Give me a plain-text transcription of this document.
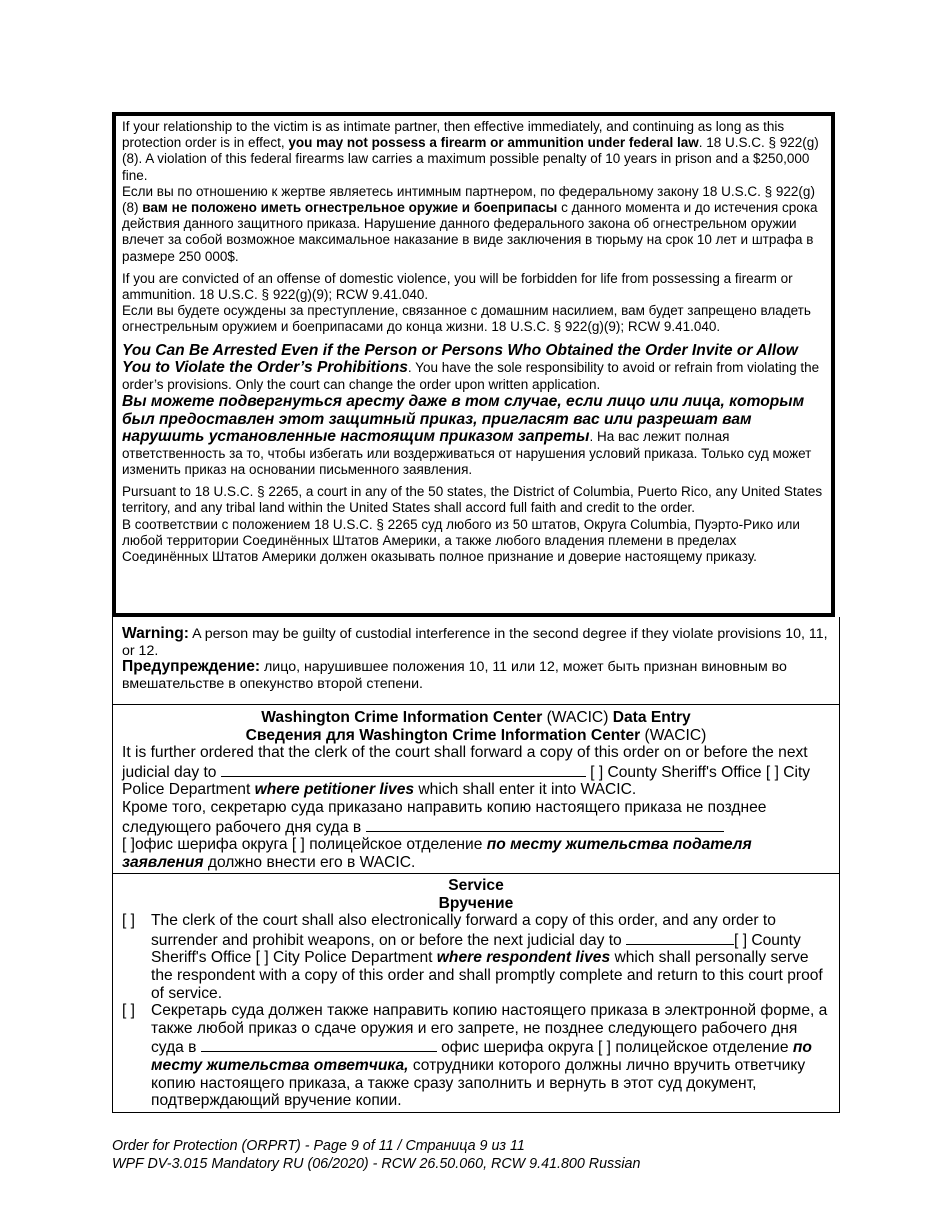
If your relationship to the victim is as intimate partner, then effective immediately, and continuing as long as this protection order is in effect, you may not possess a firearm or ammunition under federal law. 18 U.S.C. § 922(g)(8). A violation of this federal firearms law carries a maximum possible penalty of 10 years in prison and a $250,000 fine.

Если вы по отношению к жертве являетесь интимным партнером, по федеральному закону 18 U.S.C. § 922(g)(8) вам не положено иметь огнестрельное оружие и боеприпасы с данного момента и до истечения срока действия данного защитного приказа. Нарушение данного федерального закона об огнестрельном оружии влечет за собой возможное максимальное наказание в виде заключения в тюрьму на срок 10 лет и штрафа в размере 250 000$.

If you are convicted of an offense of domestic violence, you will be forbidden for life from possessing a firearm or ammunition. 18 U.S.C. § 922(g)(9); RCW 9.41.040.

Если вы будете осуждены за преступление, связанное с домашним насилием, вам будет запрещено владеть огнестрельным оружием и боеприпасами до конца жизни. 18 U.S.C. § 922(g)(9); RCW 9.41.040.

You Can Be Arrested Even if the Person or Persons Who Obtained the Order Invite or Allow You to Violate the Order’s Prohibitions. You have the sole responsibility to avoid or refrain from violating the order’s provisions. Only the court can change the order upon written application.

Вы можете подвергнуться аресту даже в том случае, если лицо или лица, которым был предоставлен этот защитный приказ, пригласят вас или разрешат вам нарушить установленные настоящим приказом запреты. На вас лежит полная ответственность за то, чтобы избегать или воздерживаться от нарушения условий приказа. Только суд может изменить приказ на основании письменного заявления.

Pursuant to 18 U.S.C. § 2265, a court in any of the 50 states, the District of Columbia, Puerto Rico, any United States territory, and any tribal land within the United States shall accord full faith and credit to the order.

В соответствии с положением 18 U.S.C. § 2265 суд любого из 50 штатов, Округа Columbia, Пуэрто-Рико или любой территории Соединённых Штатов Америки, а также любого владения племени в пределах Соединённых Штатов Америки должен оказывать полное признание и доверие настоящему приказу.

Warning: A person may be guilty of custodial interference in the second degree if they violate provisions 10, 11, or 12.

Предупреждение: лицо, нарушившее положения 10, 11 или 12, может быть признан виновным во вмешательстве в опекунство второй степени.

Washington Crime Information Center (WACIC) Data Entry

Сведения для Washington Crime Information Center (WACIC)

It is further ordered that the clerk of the court shall forward a copy of this order on or before the next judicial day to	[ ] County Sheriff's Office [ ] City Police Department where petitioner lives which shall enter it into WACIC.

Кроме того, секретарю суда приказано направить копию настоящего приказа не позднее следующего рабочего дня суда в
[ ]офис шерифа округа [ ] полицейское отделение по месту жительства подателя заявления должно внести его в WACIC.

Service

Вручение

[ ]	The clerk of the court shall also electronically forward a copy of this order, and any order to surrender and prohibit weapons, on or before the next judicial day to	[ ] County Sheriff's Office [ ] City Police Department where respondent lives which shall personally serve the respondent with a copy of this order and shall promptly complete and return to this court proof of service.
[ ]	Секретарь суда должен также направить копию настоящего приказа в электронной форме, а также любой приказ о сдаче оружия и его запрете, не позднее следующего рабочего дня суда в	офис шерифа округа [ ] полицейское отделение по месту жительства ответчика, сотрудники которого должны лично вручить ответчику копию настоящего приказа, а также сразу заполнить и вернуть в этот суд документ, подтверждающий вручение копии.

Order for Protection (ORPRT) - Page 9 of 11 / Страница 9 из 11

WPF DV-3.015 Mandatory RU (06/2020) - RCW 26.50.060, RCW 9.41.800 Russian
